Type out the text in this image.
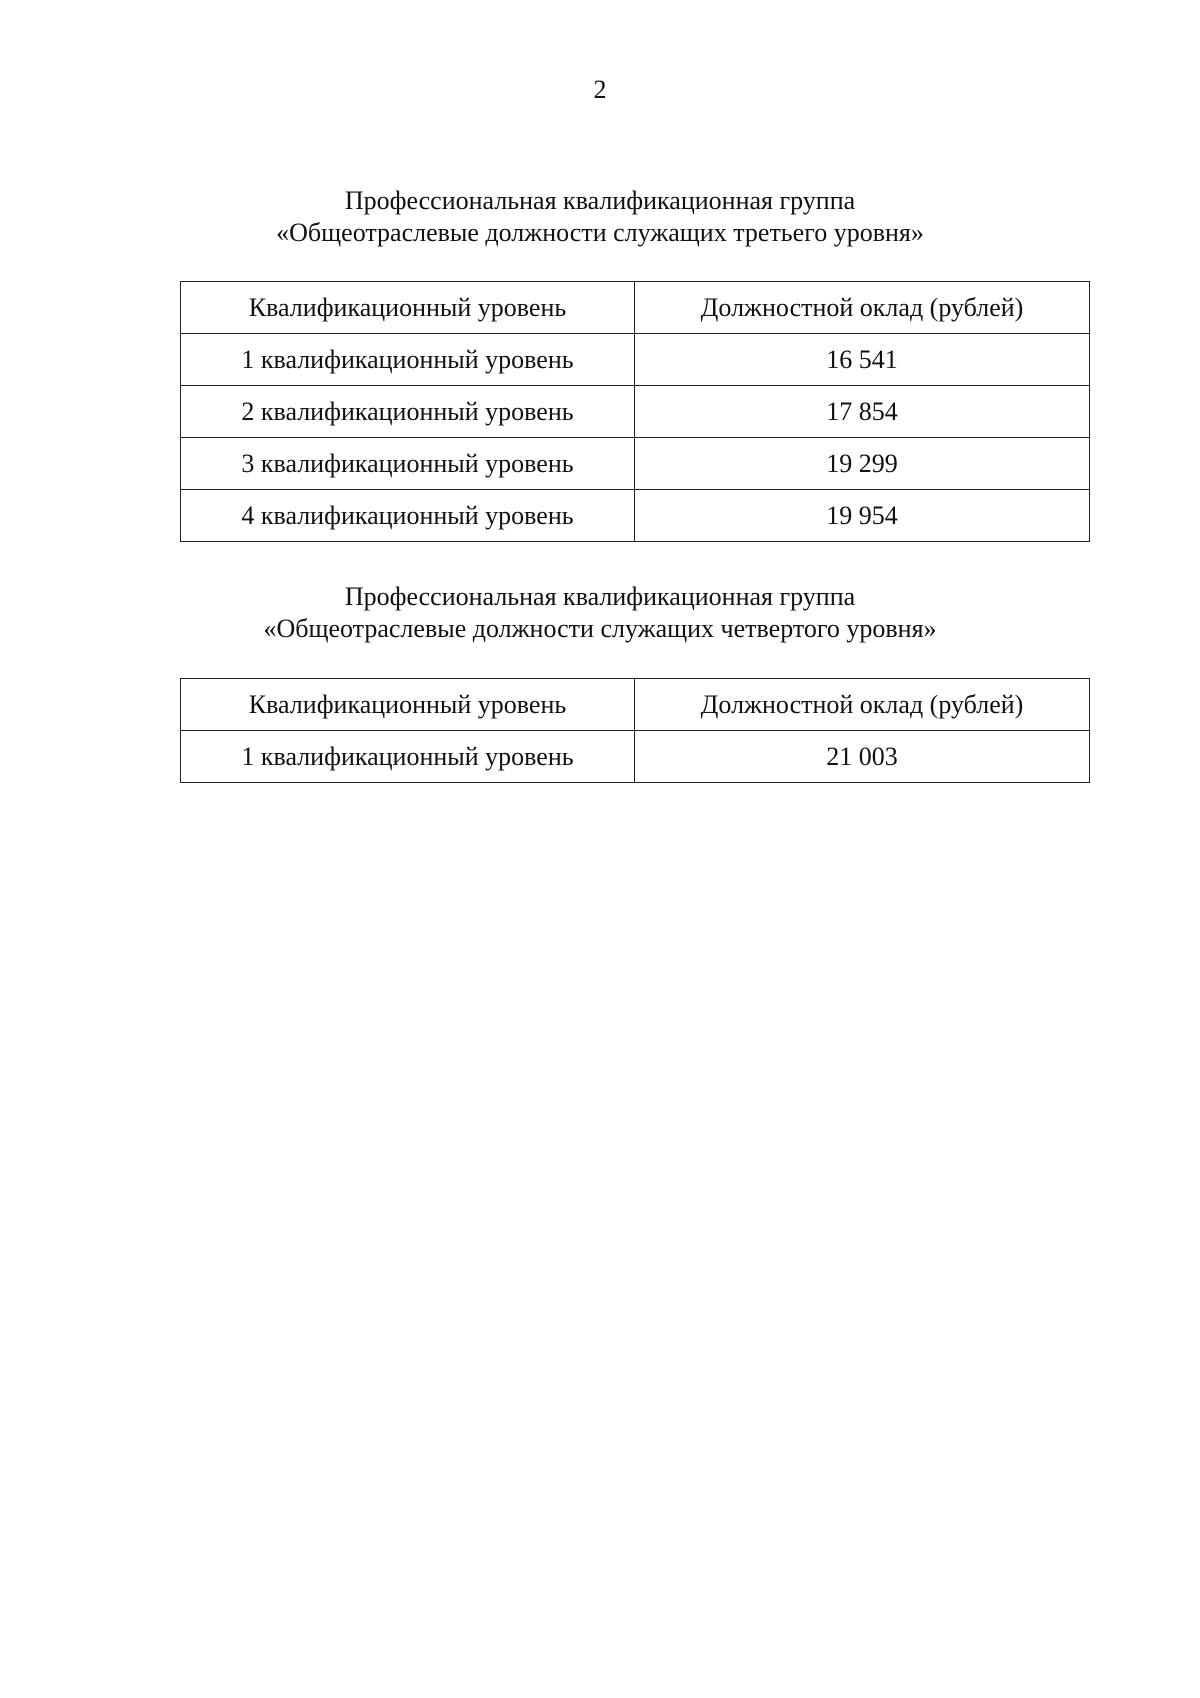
2
Профессиональная квалификационная группа
«Общеотраслевые должности служащих третьего уровня»
Квалификационный уровень	Должностной оклад (рублей)
1 квалификационный уровень	16 541
2 квалификационный уровень	17 854
3 квалификационный уровень	19 299
4 квалификационный уровень	19 954
Профессиональная квалификационная группа
«Общеотраслевые должности служащих четвертого уровня»
Квалификационный уровень	Должностной оклад (рублей)
1 квалификационный уровень	21 003
